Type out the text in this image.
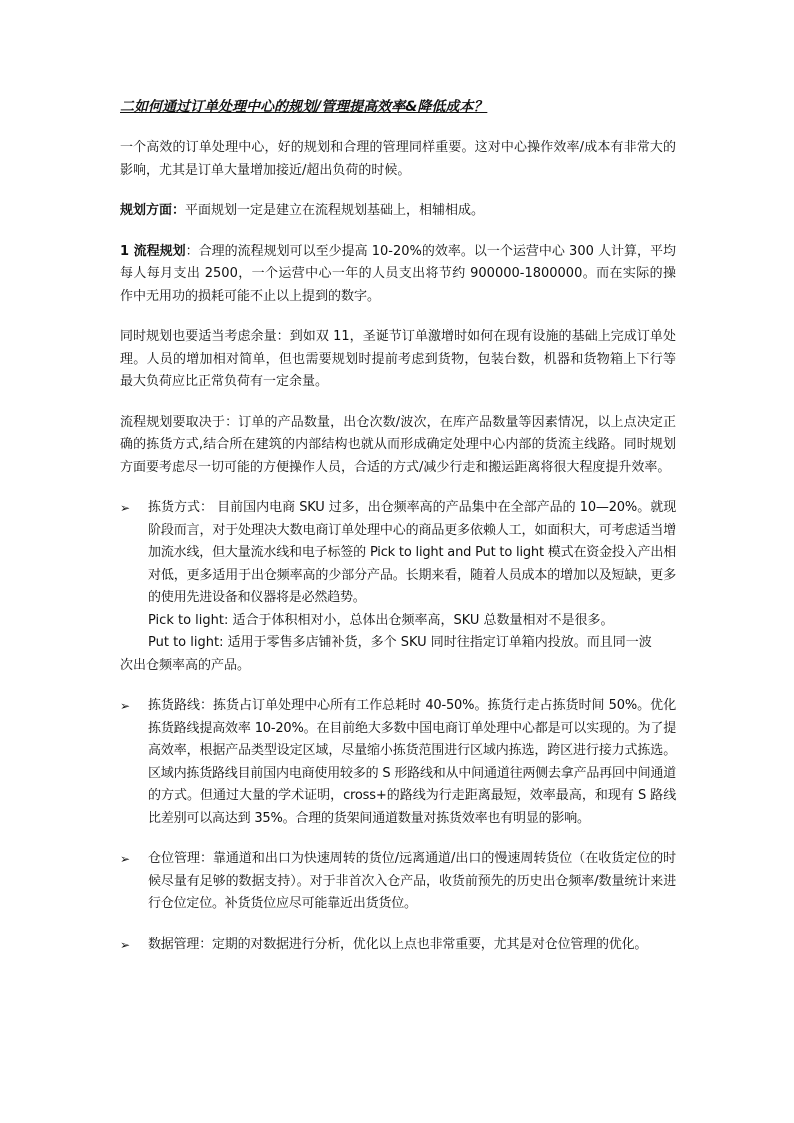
二如何通过订单处理中心的规划/管理提高效率&降低成本？

一个高效的订单处理中心，好的规划和合理的管理同样重要。这对中心操作效率/成本有非常大的影响，尤其是订单大量增加接近/超出负荷的时候。

规划方面：平面规划一定是建立在流程规划基础上，相辅相成。

1 流程规划：合理的流程规划可以至少提高 10-20%的效率。以一个运营中心 300 人计算，平均每人每月支出 2500，一个运营中心一年的人员支出将节约 900000-1800000。而在实际的操作中无用功的损耗可能不止以上提到的数字。

同时规划也要适当考虑余量：到如双 11，圣诞节订单激增时如何在现有设施的基础上完成订单处理。人员的增加相对简单，但也需要规划时提前考虑到货物，包装台数，机器和货物箱上下行等最大负荷应比正常负荷有一定余量。

流程规划要取决于：订单的产品数量，出仓次数/波次，在库产品数量等因素情况，以上点决定正确的拣货方式,结合所在建筑的内部结构也就从而形成确定处理中心内部的货流主线路。同时规划方面要考虑尽一切可能的方便操作人员，合适的方式/减少行走和搬运距离将很大程度提升效率。

➢ 拣货方式： 目前国内电商 SKU 过多，出仓频率高的产品集中在全部产品的 10—20%。就现阶段而言，对于处理决大数电商订单处理中心的商品更多依赖人工，如面积大，可考虑适当增加流水线，但大量流水线和电子标签的 Pick to light and Put to light 模式在资金投入产出相对低，更多适用于出仓频率高的少部分产品。长期来看，随着人员成本的增加以及短缺，更多的使用先进设备和仪器将是必然趋势。
Pick to light: 适合于体积相对小，总体出仓频率高，SKU 总数量相对不是很多。
Put to light: 适用于零售多店铺补货，多个 SKU 同时往指定订单箱内投放。而且同一波
次出仓频率高的产品。
➢ 拣货路线：拣货占订单处理中心所有工作总耗时 40-50%。拣货行走占拣货时间 50%。优化拣货路线提高效率 10-20%。在目前绝大多数中国电商订单处理中心都是可以实现的。为了提高效率，根据产品类型设定区域，尽量缩小拣货范围进行区域内拣选，跨区进行接力式拣选。区域内拣货路线目前国内电商使用较多的 S 形路线和从中间通道往两侧去拿产品再回中间通道的方式。但通过大量的学术证明，cross+的路线为行走距离最短，效率最高，和现有 S 路线比差别可以高达到 35%。合理的货架间通道数量对拣货效率也有明显的影响。
➢ 仓位管理：靠通道和出口为快速周转的货位/远离通道/出口的慢速周转货位（在收货定位的时候尽量有足够的数据支持）。对于非首次入仓产品，收货前预先的历史出仓频率/数量统计来进行仓位定位。补货货位应尽可能靠近出货货位。
➢ 数据管理：定期的对数据进行分析，优化以上点也非常重要，尤其是对仓位管理的优化。
